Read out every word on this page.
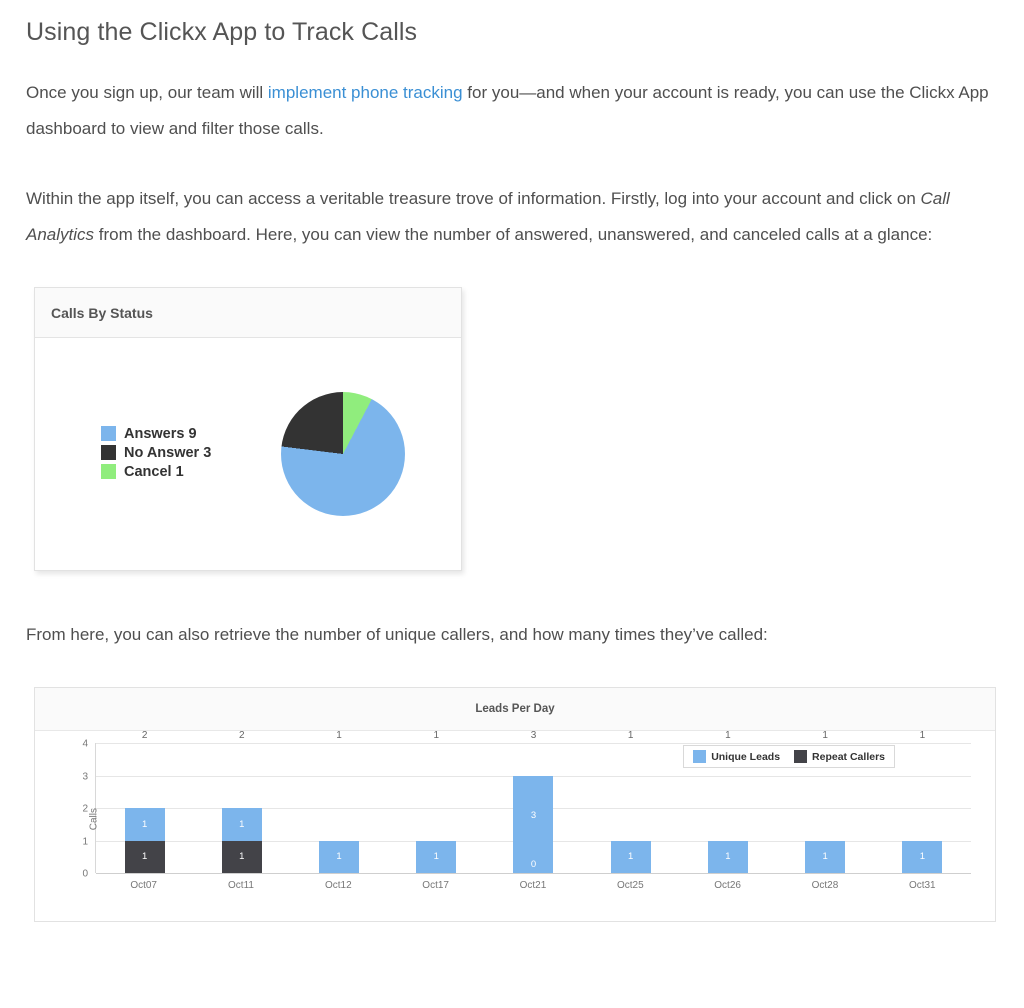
Using the Clickx App to Track Calls

Once you sign up, our team will implement phone tracking for you—and when your account is ready, you can use the Clickx App dashboard to view and filter those calls.

Within the app itself, you can access a veritable treasure trove of information. Firstly, log into your account and click on Call Analytics from the dashboard. Here, you can view the number of answered, unanswered, and canceled calls at a glance:

Calls By Status
Answers 9
No Answer 3
Cancel 1

From here, you can also retrieve the number of unique callers, and how many times they’ve called:

Leads Per Day
Unique Leads	Repeat Callers
Calls
4
3
2
1
0
2
1
1
2
1
1
1
1
1
1
3
3
0
1
1
1
1
1
1
1
1
Oct07	Oct11	Oct12	Oct17	Oct21	Oct25	Oct26	Oct28	Oct31
